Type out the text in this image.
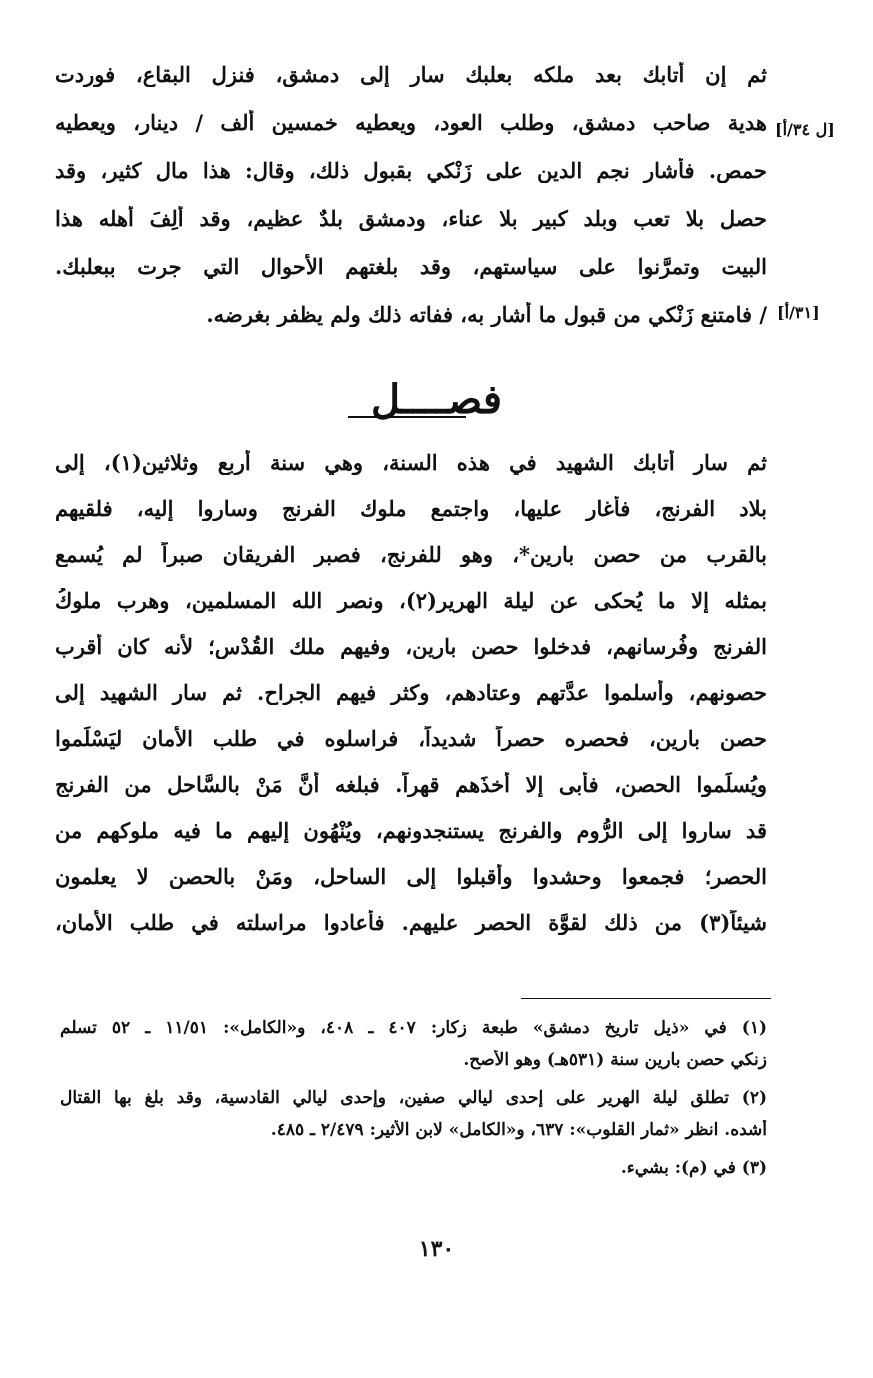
[ل ٣٤/أ]
[٣١/أ]
ثم إن أتابك بعد ملكه بعلبك سار إلى دمشق، فنزل البقاع، فوردت
هدية صاحب دمشق، وطلب العود، ويعطيه خمسين ألف / دينار، ويعطيه
حمص. فأشار نجم الدين على زَنْكي بقبول ذلك، وقال: هذا مال كثير، وقد
حصل بلا تعب وبلد كبير بلا عناء، ودمشق بلدٌ عظيم، وقد أَلِفَ أهله هذا
البيت وتمرَّنوا على سياستهم، وقد بلغتهم الأحوال التي جرت ببعلبك.
/ فامتنع زَنْكي من قبول ما أشار به، ففاته ذلك ولم يظفر بغرضه.
فصــــل
ثم سار أتابك الشهيد في هذه السنة، وهي سنة أربع وثلاثين(١)، إلى
بلاد الفرنج، فأغار عليها، واجتمع ملوك الفرنج وساروا إليه، فلقيهم
بالقرب من حصن بارِين*، وهو للفرنج، فصبر الفريقان صبراً لم يُسمع
بمثله إلا ما يُحكى عن ليلة الهرير(٢)، ونصر الله المسلمين، وهرب ملوكُ
الفرنج وفُرسانهم، فدخلوا حصن بارِين، وفيهم ملك القُدْس؛ لأنه كان أقرب
حصونهم، وأسلموا عدَّتهم وعتادهم، وكثر فيهم الجراح. ثم سار الشهيد إلى
حصن بارِين، فحصره حصراً شديداً، فراسلوه في طلب الأمان ليَسْلَموا
ويُسلِّموا الحصن، فأبى إلا أخذَهم قهراً. فبلغه أنَّ مَنْ بالسَّاحل من الفرنج
قد ساروا إلى الرُّوم والفرنج يستنجدونهم، ويُنْهُون إليهم ما فيه ملوكهم من
الحصر؛ فجمعوا وحشدوا وأقبلوا إلى الساحل، ومَنْ بالحصن لا يعلمون
شيئاً(٣) من ذلك لقوَّة الحصر عليهم. فأعادوا مراسلته في طلب الأمان،
(١) في «ذيل تاريخ دمشق» طبعة زكار: ٤٠٧ ـ ٤٠٨، و«الكامل»: ١١/٥١ ـ ٥٢ تسلم
زنكي حصن بارين سنة (٥٣١هـ) وهو الأصح.
(٢) تطلق ليلة الهرير على إحدى ليالي صفين، وإحدى ليالي القادسية، وقد بلغ بها القتال
أشده. انظر «ثمار القلوب»: ٦٣٧، و«الكامل» لابن الأثير: ٢/٤٧٩ ـ ٤٨٥.
(٣) في (م): بشيء.
١٣٠
